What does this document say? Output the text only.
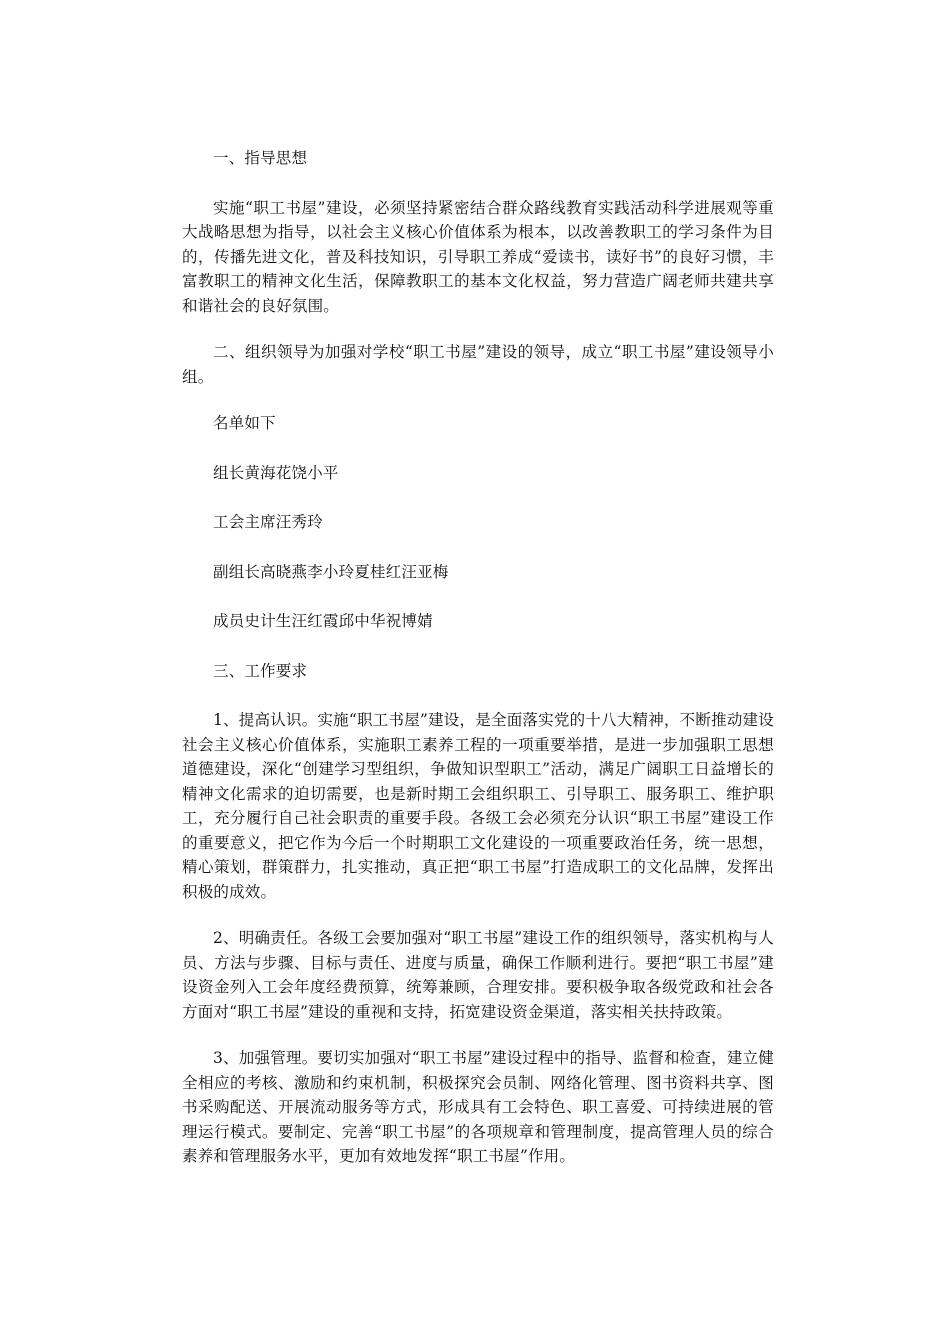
一、指导思想

实施“职工书屋”建设，必须坚持紧密结合群众路线教育实践活动科学进展观等重大战略思想为指导，以社会主义核心价值体系为根本，以改善教职工的学习条件为目的，传播先进文化，普及科技知识，引导职工养成“爱读书，读好书”的良好习惯，丰富教职工的精神文化生活，保障教职工的基本文化权益，努力营造广阔老师共建共享和谐社会的良好氛围。

二、组织领导为加强对学校“职工书屋”建设的领导，成立“职工书屋”建设领导小组。

名单如下

组长黄海花饶小平

工会主席汪秀玲

副组长高晓燕李小玲夏桂红汪亚梅

成员史计生汪红霞邱中华祝博婧

三、工作要求

1、提高认识。实施“职工书屋”建设，是全面落实党的十八大精神，不断推动建设社会主义核心价值体系，实施职工素养工程的一项重要举措，是进一步加强职工思想道德建设，深化“创建学习型组织，争做知识型职工”活动，满足广阔职工日益增长的精神文化需求的迫切需要，也是新时期工会组织职工、引导职工、服务职工、维护职工，充分履行自己社会职责的重要手段。各级工会必须充分认识“职工书屋”建设工作的重要意义，把它作为今后一个时期职工文化建设的一项重要政治任务，统一思想，精心策划，群策群力，扎实推动，真正把“职工书屋”打造成职工的文化品牌，发挥出积极的成效。

2、明确责任。各级工会要加强对“职工书屋”建设工作的组织领导，落实机构与人员、方法与步骤、目标与责任、进度与质量，确保工作顺利进行。要把“职工书屋”建设资金列入工会年度经费预算，统筹兼顾，合理安排。要积极争取各级党政和社会各方面对“职工书屋”建设的重视和支持，拓宽建设资金渠道，落实相关扶持政策。

3、加强管理。要切实加强对“职工书屋”建设过程中的指导、监督和检查，建立健全相应的考核、激励和约束机制，积极探究会员制、网络化管理、图书资料共享、图书采购配送、开展流动服务等方式，形成具有工会特色、职工喜爱、可持续进展的管理运行模式。要制定、完善“职工书屋”的各项规章和管理制度，提高管理人员的综合素养和管理服务水平，更加有效地发挥“职工书屋”作用。
